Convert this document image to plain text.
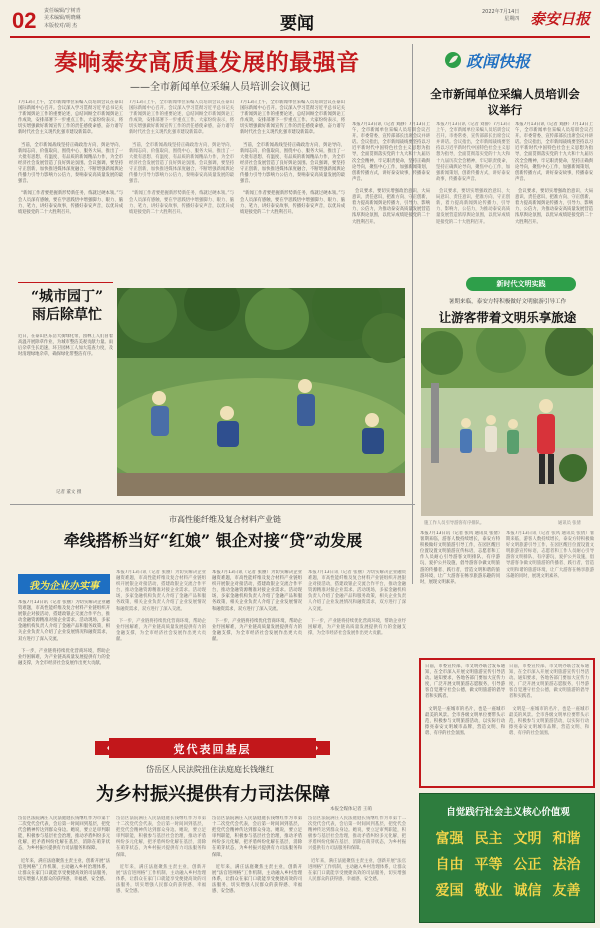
02 责任编辑/宁树青
美术编辑/明晓琳
本版校对/胡 杰	要闻
2022年7月14日
星期四 泰安日报
奏响泰安高质量发展的最强音
——全市新闻单位采编人员培训会议侧记
7月13日上午，全市新闻单位采编人员培训会议在泰山国际新闻中心召开。会议深入学习贯彻习近平总书记关于新闻舆论工作的重要论述，总结回顾全市新闻舆论工作成效，安排部署下一步重点工作。大家纷纷表示，将切实增强做好新闻宣传工作的责任感使命感，奋力谱写新时代社会主义现代化强市建设新篇章。

当前，全市新闻战线坚持正确政治方向、舆论导向、新闻志向、价值取向，围绕中心、服务大局，推出了一大批有思想、有温度、有品质的新闻精品力作，为全市经济社会发展营造了良好舆论氛围。会议强调，要坚持守正创新，加快推进媒体深度融合，不断增强新闻舆论传播力引导力影响力公信力，奏响泰安高质量发展的最强音。

“新闻工作者要把握新形势新任务，练就过硬本领。”与会人员深有感触，要在学思践悟中增强脚力、眼力、脑力、笔力，讲好泰安故事，传播好泰安声音，以优异成绩迎接党的二十大胜利召开。
7月13日上午，全市新闻单位采编人员培训会议在泰山国际新闻中心召开。会议深入学习贯彻习近平总书记关于新闻舆论工作的重要论述，总结回顾全市新闻舆论工作成效，安排部署下一步重点工作。大家纷纷表示，将切实增强做好新闻宣传工作的责任感使命感，奋力谱写新时代社会主义现代化强市建设新篇章。

当前，全市新闻战线坚持正确政治方向、舆论导向、新闻志向、价值取向，围绕中心、服务大局，推出了一大批有思想、有温度、有品质的新闻精品力作，为全市经济社会发展营造了良好舆论氛围。会议强调，要坚持守正创新，加快推进媒体深度融合，不断增强新闻舆论传播力引导力影响力公信力，奏响泰安高质量发展的最强音。

“新闻工作者要把握新形势新任务，练就过硬本领。”与会人员深有感触，要在学思践悟中增强脚力、眼力、脑力、笔力，讲好泰安故事，传播好泰安声音，以优异成绩迎接党的二十大胜利召开。
7月13日上午，全市新闻单位采编人员培训会议在泰山国际新闻中心召开。会议深入学习贯彻习近平总书记关于新闻舆论工作的重要论述，总结回顾全市新闻舆论工作成效，安排部署下一步重点工作。大家纷纷表示，将切实增强做好新闻宣传工作的责任感使命感，奋力谱写新时代社会主义现代化强市建设新篇章。

当前，全市新闻战线坚持正确政治方向、舆论导向、新闻志向、价值取向，围绕中心、服务大局，推出了一大批有思想、有温度、有品质的新闻精品力作，为全市经济社会发展营造了良好舆论氛围。会议强调，要坚持守正创新，加快推进媒体深度融合，不断增强新闻舆论传播力引导力影响力公信力，奏响泰安高质量发展的最强音。

“新闻工作者要把握新形势新任务，练就过硬本领。”与会人员深有感触，要在学思践悟中增强脚力、眼力、脑力、笔力，讲好泰安故事，传播好泰安声音，以优异成绩迎接党的二十大胜利召开。
政闻快报
全市新闻单位采编人员培训会议举行
本报7月13日讯（记者 刘静）7月13日上午，全市新闻单位采编人员培训会议召开。市委常委、宣传部部长出席会议并讲话。会议指出，全市新闻战线要坚持以习近平新时代中国特色社会主义思想为指导，全面贯彻落实党的十九大和十九届历次全会精神，牢记职责使命，坚持正确舆论导向，聚焦中心工作，加强新闻策划，创新传播方式，讲好泰安故事，传播泰安声音。

会议要求，要切实增强政治意识、大局意识、责任意识，把准方向、守正创新，着力提高新闻舆论传播力、引导力、影响力、公信力，为推动泰安高质量发展营造浓厚舆论氛围，以优异成绩迎接党的二十大胜利召开。
本报7月13日讯（记者 刘静）7月13日上午，全市新闻单位采编人员培训会议召开。市委常委、宣传部部长出席会议并讲话。会议指出，全市新闻战线要坚持以习近平新时代中国特色社会主义思想为指导，全面贯彻落实党的十九大和十九届历次全会精神，牢记职责使命，坚持正确舆论导向，聚焦中心工作，加强新闻策划，创新传播方式，讲好泰安故事，传播泰安声音。

会议要求，要切实增强政治意识、大局意识、责任意识，把准方向、守正创新，着力提高新闻舆论传播力、引导力、影响力、公信力，为推动泰安高质量发展营造浓厚舆论氛围，以优异成绩迎接党的二十大胜利召开。
本报7月13日讯（记者 刘静）7月13日上午，全市新闻单位采编人员培训会议召开。市委常委、宣传部部长出席会议并讲话。会议指出，全市新闻战线要坚持以习近平新时代中国特色社会主义思想为指导，全面贯彻落实党的十九大和十九届历次全会精神，牢记职责使命，坚持正确舆论导向，聚焦中心工作，加强新闻策划，创新传播方式，讲好泰安故事，传播泰安声音。

会议要求，要切实增强政治意识、大局意识、责任意识，把准方向、守正创新，着力提高新闻舆论传播力、引导力、影响力、公信力，为推动泰安高质量发展营造浓厚舆论氛围，以优异成绩迎接党的二十大胜利召开。
“城市园丁” 雨后除草忙
近日，在泰山区东岳大街绿化带，园林工人们冒着高温开展除草作业，为城市整洁美观贡献力量。雨后杂草生长迅速，环卫园林工人加大巡查力度，及时清理绿地杂草，确保绿化带整洁有序。
记者 董文 摄
新时代文明实践
暑期来临，泰安方特积极做好文明旅游引导工作
让游客带着文明乐享旅途
施工作人员引导游客有序排队。	通讯员 张倩
本报7月13日讯（记者 张风 通讯员 张倩）暑期来临，游客人数持续增长，泰安方特积极做好文明旅游引导工作，在园区醒目位置设置文明旅游宣传标语，志愿者和工作人员耐心引导游客文明排队、有序游玩、爱护公共设施，倡导游客争做文明旅游的传播者、践行者，营造文明和谐的旅游环境，让广大游客在畅享旅游乐趣的同时，展现文明素养。
本报7月13日讯（记者 张风 通讯员 张倩）暑期来临，游客人数持续增长，泰安方特积极做好文明旅游引导工作，在园区醒目位置设置文明旅游宣传标语，志愿者和工作人员耐心引导游客文明排队、有序游玩、爱护公共设施，倡导游客争做文明旅游的传播者、践行者，营造文明和谐的旅游环境，让广大游客在畅享旅游乐趣的同时，展现文明素养。
市高性能纤维及复合材料产业链
牵线搭桥当好“红娘” 银企对接“贷”动发展
我为企业办实事
本报7月13日讯（记者 张丽）为切实解决企业融资难题，市高性能纤维及复合材料产业链组织开展银企对接活动，搭建政银企交流合作平台，推动金融资源精准对接企业需求。活动现场，多家金融机构负责人介绍了金融产品和服务政策，相关企业负责人介绍了企业发展情况和融资需求，双方进行了深入交流。

下一步，产业链将持续优化营商环境，帮助企业纾困解难，为产业链高质量发展提供有力的金融支撑，为全市经济社会发展作出更大贡献。
本报7月13日讯（记者 张丽）为切实解决企业融资难题，市高性能纤维及复合材料产业链组织开展银企对接活动，搭建政银企交流合作平台，推动金融资源精准对接企业需求。活动现场，多家金融机构负责人介绍了金融产品和服务政策，相关企业负责人介绍了企业发展情况和融资需求，双方进行了深入交流。

下一步，产业链将持续优化营商环境，帮助企业纾困解难，为产业链高质量发展提供有力的金融支撑，为全市经济社会发展作出更大贡献。
本报7月13日讯（记者 张丽）为切实解决企业融资难题，市高性能纤维及复合材料产业链组织开展银企对接活动，搭建政银企交流合作平台，推动金融资源精准对接企业需求。活动现场，多家金融机构负责人介绍了金融产品和服务政策，相关企业负责人介绍了企业发展情况和融资需求，双方进行了深入交流。

下一步，产业链将持续优化营商环境，帮助企业纾困解难，为产业链高质量发展提供有力的金融支撑，为全市经济社会发展作出更大贡献。
本报7月13日讯（记者 张丽）为切实解决企业融资难题，市高性能纤维及复合材料产业链组织开展银企对接活动，搭建政银企交流合作平台，推动金融资源精准对接企业需求。活动现场，多家金融机构负责人介绍了金融产品和服务政策，相关企业负责人介绍了企业发展情况和融资需求，双方进行了深入交流。

下一步，产业链将持续优化营商环境，帮助企业纾困解难，为产业链高质量发展提供有力的金融支撑，为全市经济社会发展作出更大贡献。
日前，市委宣传部、市文明办联合发布通知，在全市深入开展文明旅游宣传引导活动。通知要求，各地各部门要加大宣传力度，广泛开展文明旅游志愿服务，引导游客自觉遵守社会公德，做文明旅游的倡导者和实践者。

文明是一座城市的名片，也是一座城市最美的风景。全市各级文明单位要带头示范，积极参与文明旅游活动，以实际行动擦亮泰安文明城市品牌，营造文明、和谐、有序的社会氛围。
日前，市委宣传部、市文明办联合发布通知，在全市深入开展文明旅游宣传引导活动。通知要求，各地各部门要加大宣传力度，广泛开展文明旅游志愿服务，引导游客自觉遵守社会公德，做文明旅游的倡导者和实践者。

文明是一座城市的名片，也是一座城市最美的风景。全市各级文明单位要带头示范，积极参与文明旅游活动，以实际行动擦亮泰安文明城市品牌，营造文明、和谐、有序的社会氛围。
党代表回基层
岱岳区人民法院扭住法庭庭长钱继红
为乡村振兴提供有力司法保障
本报全媒体记者 王萌
岱岳区法院满庄人民法庭庭长钱继红作为市第十二次党代会代表，会后第一时间回到基层，把党代会精神传达到群众身边。她说，要立足审判职能，积极参与基层社会治理，推动矛盾纠纷多元化解，把矛盾纠纷化解在基层、消除在萌芽状态，为乡村振兴提供有力司法服务和保障。

近年来，满庄法庭聚焦主责主业，创新开展“法官进网格”工作机制，主动融入乡村治理体系，让群众在家门口就能享受便捷高效的司法服务，切实增强人民群众的获得感、幸福感、安全感。
岱岳区法院满庄人民法庭庭长钱继红作为市第十二次党代会代表，会后第一时间回到基层，把党代会精神传达到群众身边。她说，要立足审判职能，积极参与基层社会治理，推动矛盾纠纷多元化解，把矛盾纠纷化解在基层、消除在萌芽状态，为乡村振兴提供有力司法服务和保障。

近年来，满庄法庭聚焦主责主业，创新开展“法官进网格”工作机制，主动融入乡村治理体系，让群众在家门口就能享受便捷高效的司法服务，切实增强人民群众的获得感、幸福感、安全感。
岱岳区法院满庄人民法庭庭长钱继红作为市第十二次党代会代表，会后第一时间回到基层，把党代会精神传达到群众身边。她说，要立足审判职能，积极参与基层社会治理，推动矛盾纠纷多元化解，把矛盾纠纷化解在基层、消除在萌芽状态，为乡村振兴提供有力司法服务和保障。

近年来，满庄法庭聚焦主责主业，创新开展“法官进网格”工作机制，主动融入乡村治理体系，让群众在家门口就能享受便捷高效的司法服务，切实增强人民群众的获得感、幸福感、安全感。
岱岳区法院满庄人民法庭庭长钱继红作为市第十二次党代会代表，会后第一时间回到基层，把党代会精神传达到群众身边。她说，要立足审判职能，积极参与基层社会治理，推动矛盾纠纷多元化解，把矛盾纠纷化解在基层、消除在萌芽状态，为乡村振兴提供有力司法服务和保障。

近年来，满庄法庭聚焦主责主业，创新开展“法官进网格”工作机制，主动融入乡村治理体系，让群众在家门口就能享受便捷高效的司法服务，切实增强人民群众的获得感、幸福感、安全感。
自觉践行社会主义核心价值观
富强 民主 文明 和谐
自由 平等 公正 法治
爱国 敬业 诚信 友善
